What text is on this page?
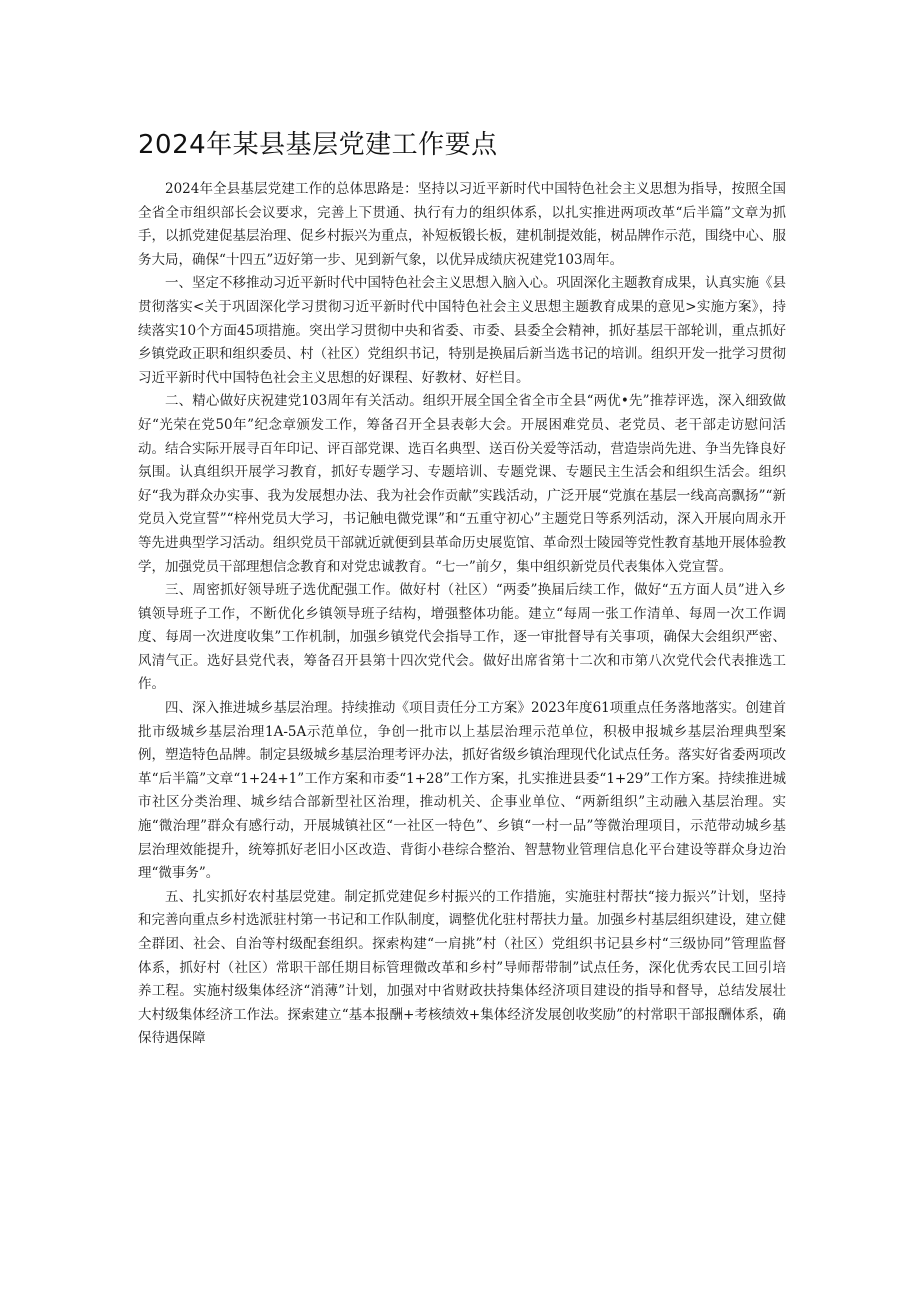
2024年某县基层党建工作要点

2024年全县基层党建工作的总体思路是：坚持以习近平新时代中国特色社会主义思想为指导，按照全国全省全市组织部长会议要求，完善上下贯通、执行有力的组织体系，以扎实推进两项改革“后半篇”文章为抓手，以抓党建促基层治理、促乡村振兴为重点，补短板锻长板，建机制提效能，树品牌作示范，围绕中心、服务大局，确保“十四五”迈好第一步、见到新气象，以优异成绩庆祝建党103周年。

一、坚定不移推动习近平新时代中国特色社会主义思想入脑入心。巩固深化主题教育成果，认真实施《县贯彻落实<关于巩固深化学习贯彻习近平新时代中国特色社会主义思想主题教育成果的意见>实施方案》，持续落实10个方面45项措施。突出学习贯彻中央和省委、市委、县委全会精神，抓好基层干部轮训，重点抓好乡镇党政正职和组织委员、村（社区）党组织书记，特别是换届后新当选书记的培训。组织开发一批学习贯彻习近平新时代中国特色社会主义思想的好课程、好教材、好栏目。

二、精心做好庆祝建党103周年有关活动。组织开展全国全省全市全县“两优•先”推荐评选，深入细致做好“光荣在党50年”纪念章颁发工作，筹备召开全县表彰大会。开展困难党员、老党员、老干部走访慰问活动。结合实际开展寻百年印记、评百部党课、选百名典型、送百份关爱等活动，营造崇尚先进、争当先锋良好氛围。认真组织开展学习教育，抓好专题学习、专题培训、专题党课、专题民主生活会和组织生活会。组织好“我为群众办实事、我为发展想办法、我为社会作贡献”实践活动，广泛开展“党旗在基层一线高高飘扬”“新党员入党宣誓”“梓州党员大学习，书记触电微党课”和“五重守初心”主题党日等系列活动，深入开展向周永开等先进典型学习活动。组织党员干部就近就便到县革命历史展览馆、革命烈士陵园等党性教育基地开展体验教学，加强党员干部理想信念教育和对党忠诚教育。“七一”前夕，集中组织新党员代表集体入党宣誓。

三、周密抓好领导班子选优配强工作。做好村（社区）“两委”换届后续工作，做好“五方面人员”进入乡镇领导班子工作，不断优化乡镇领导班子结构，增强整体功能。建立“每周一张工作清单、每周一次工作调度、每周一次进度收集”工作机制，加强乡镇党代会指导工作，逐一审批督导有关事项，确保大会组织严密、风清气正。选好县党代表，筹备召开县第十四次党代会。做好出席省第十二次和市第八次党代会代表推选工作。

四、深入推进城乡基层治理。持续推动《项目责任分工方案》2023年度61项重点任务落地落实。创建首批市级城乡基层治理1A-5A示范单位，争创一批市以上基层治理示范单位，积极申报城乡基层治理典型案例，塑造特色品牌。制定县级城乡基层治理考评办法，抓好省级乡镇治理现代化试点任务。落实好省委两项改革“后半篇”文章“1+24+1”工作方案和市委“1+28”工作方案，扎实推进县委“1+29”工作方案。持续推进城市社区分类治理、城乡结合部新型社区治理，推动机关、企事业单位、“两新组织”主动融入基层治理。实施“微治理”群众有感行动，开展城镇社区“一社区一特色”、乡镇“一村一品”等微治理项目，示范带动城乡基层治理效能提升，统筹抓好老旧小区改造、背街小巷综合整治、智慧物业管理信息化平台建设等群众身边治理“微事务”。

五、扎实抓好农村基层党建。制定抓党建促乡村振兴的工作措施，实施驻村帮扶“接力振兴”计划，坚持和完善向重点乡村选派驻村第一书记和工作队制度，调整优化驻村帮扶力量。加强乡村基层组织建设，建立健全群团、社会、自治等村级配套组织。探索构建“一肩挑”村（社区）党组织书记县乡村“三级协同”管理监督体系，抓好村（社区）常职干部任期目标管理微改革和乡村”导师帮带制”试点任务，深化优秀农民工回引培养工程。实施村级集体经济“消薄”计划，加强对中省财政扶持集体经济项目建设的指导和督导，总结发展壮大村级集体经济工作法。探索建立“基本报酬+考核绩效+集体经济发展创收奖励”的村常职干部报酬体系，确保待遇保障
